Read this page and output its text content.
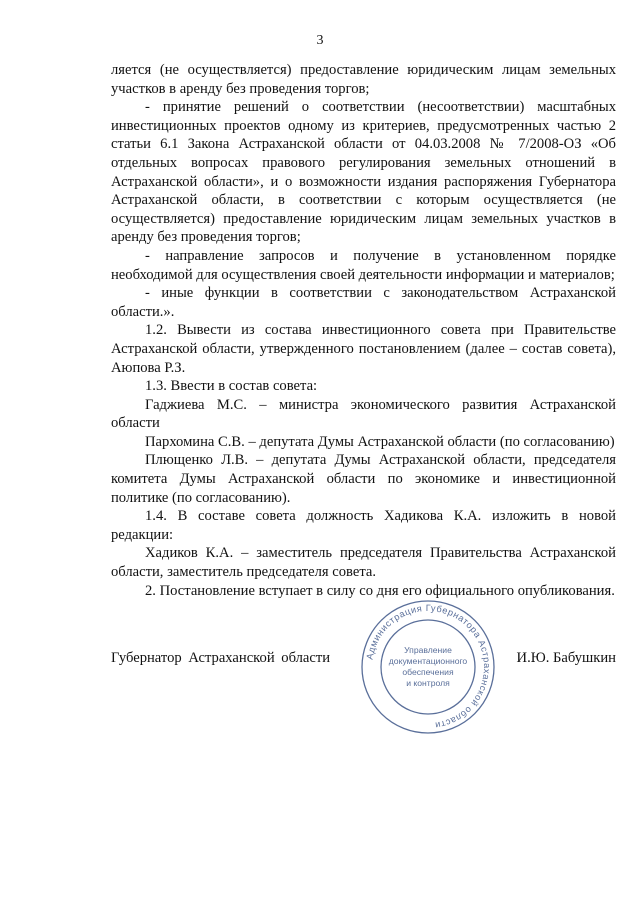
3

ляется (не осуществляется) предоставление юридическим лицам земельных участков в аренду без проведения торгов;

- принятие решений о соответствии (несоответствии) масштабных инвестиционных проектов одному из критериев, предусмотренных частью 2 статьи 6.1 Закона Астраханской области от 04.03.2008 № 7/2008-ОЗ «Об отдельных вопросах правового регулирования земельных отношений в Астраханской области», и о возможности издания распоряжения Губернатора Астраханской области, в соответствии с которым осуществляется (не осуществляется) предоставление юридическим лицам земельных участков в аренду без проведения торгов;

- направление запросов и получение в установленном порядке необходимой для осуществления своей деятельности информации и материалов;

- иные функции в соответствии с законодательством Астраханской области.».

1.2. Вывести из состава инвестиционного совета при Правительстве Астраханской области, утвержденного постановлением (далее – состав совета), Аюпова Р.З.

1.3. Ввести в состав совета:

Гаджиева М.С. – министра экономического развития Астраханской области

Пархомина С.В. – депутата Думы Астраханской области (по согласованию)

Плющенко Л.В. – депутата Думы Астраханской области, председателя комитета Думы Астраханской области по экономике и инвестиционной политике (по согласованию).

1.4. В составе совета должность Хадикова К.А. изложить в новой редакции:

Хадиков К.А. – заместитель председателя Правительства Астраханской области, заместитель председателя совета.

2. Постановление вступает в силу со дня его официального опубликования.

Губернатор Астраханской области	И.Ю. Бабушкин
Администрация Губернатора Астраханской области
Управление
документационного
обеспечения
и контроля
